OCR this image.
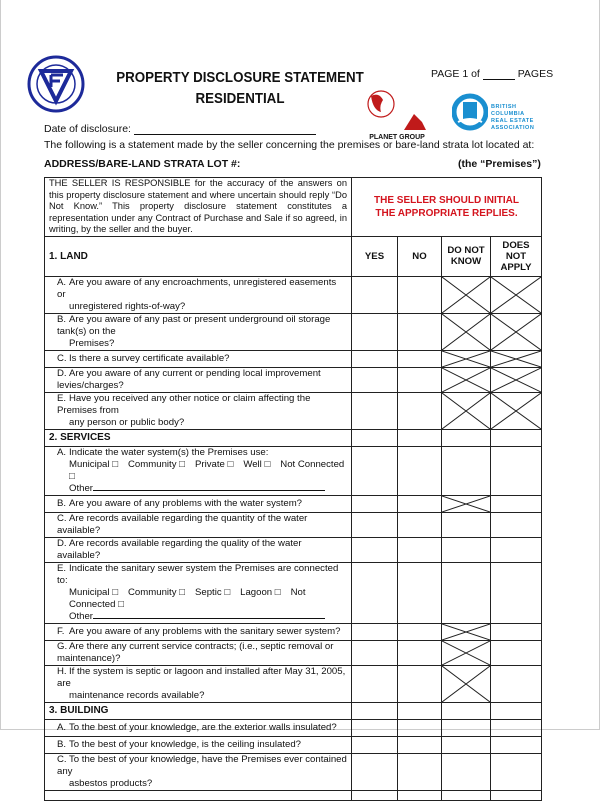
PROPERTY DISCLOSURE STATEMENT
RESIDENTIAL
PAGE 1 of	PAGES
PLANET GROUP
BRITISH COLUMBIA
REAL ESTATE
ASSOCIATION
Date of disclosure:
The following is a statement made by the seller concerning the premises or bare-land strata lot located at:
ADDRESS/BARE-LAND STRATA LOT #:	(the “Premises”)
THE SELLER IS RESPONSIBLE for the accuracy of the answers on this property disclosure statement and where uncertain should reply “Do Not Know.” This property disclosure statement constitutes a representation under any Contract of Purchase and Sale if so agreed, in writing, by the seller and the buyer.	THE SELLER SHOULD INITIAL
THE APPROPRIATE REPLIES.			

1. LAND	YES	NO	DO NOT KNOW	DOES NOT APPLY
A. Are you aware of any encroachments, unregistered easements or
unregistered rights-of-way?

B. Are you aware of any past or present underground oil storage tank(s) on the
Premises?

C. Is there a survey certificate available?			

D. Are you aware of any current or pending local improvement levies/charges?			

E. Have you received any other notice or claim affecting the Premises from
any person or public body?

2. SERVICES				
A. Indicate the water system(s) the Premises use:
Municipal □ Community □ Private □ Well □ Not Connected □
Other				

B. Are you aware of any problems with the water system?			

C. Are records available regarding the quantity of the water available?				
D. Are records available regarding the quality of the water available?				
E. Indicate the sanitary sewer system the Premises are connected to:
Municipal □ Community □ Septic □ Lagoon □ Not Connected □
Other				

F. Are you aware of any problems with the sanitary sewer system?			

G. Are there any current service contracts; (i.e., septic removal or maintenance)?			

H. If the system is septic or lagoon and installed after May 31, 2005, are
maintenance records available?

3. BUILDING				
A. To the best of your knowledge, are the exterior walls insulated?				
B. To the best of your knowledge, is the ceiling insulated?				
C. To the best of your knowledge, have the Premises ever contained any
asbestos products?				
